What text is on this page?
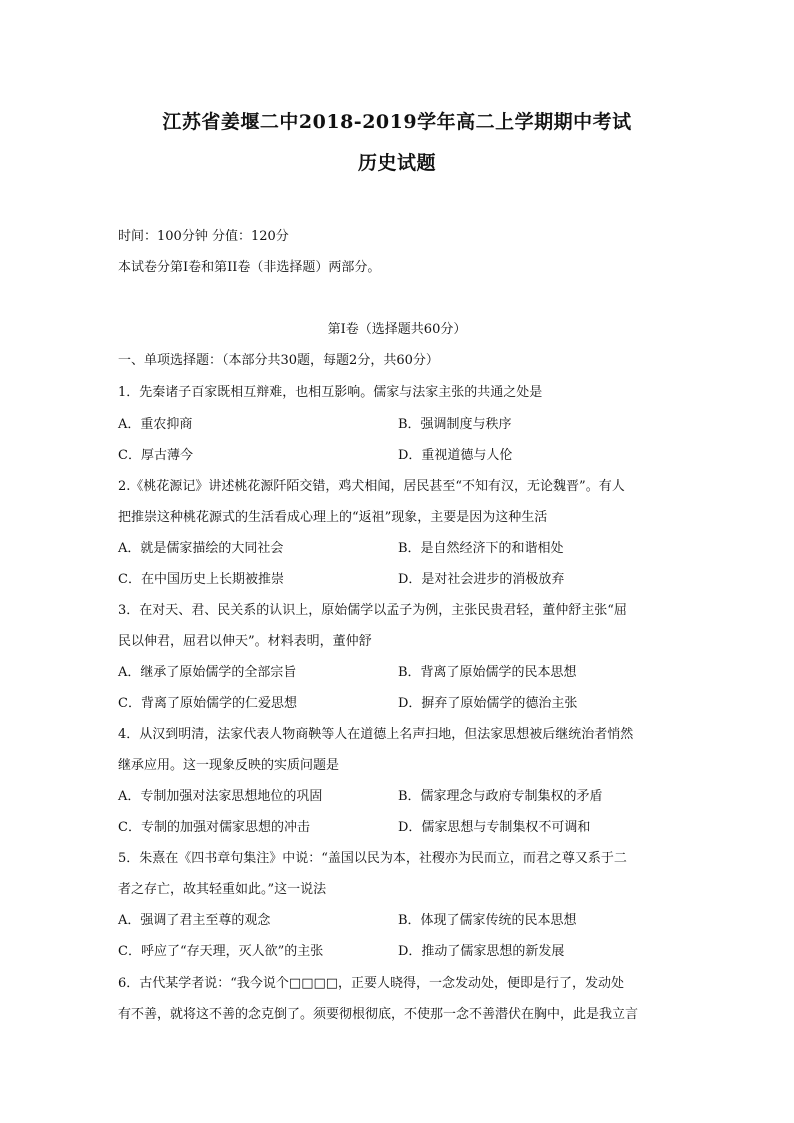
江苏省姜堰二中2018-2019学年高二上学期期中考试
历史试题
时间：100分钟 分值：120分
本试卷分第I卷和第II卷（非选择题）两部分。
第I卷（选择题共60分）
一、单项选择题：（本部分共30题，每题2分，共60分）
1．先秦诸子百家既相互辩难，也相互影响。儒家与法家主张的共通之处是
A．重农抑商	B．强调制度与秩序
C．厚古薄今	D．重视道德与人伦
2.《桃花源记》讲述桃花源阡陌交错，鸡犬相闻，居民甚至“不知有汉，无论魏晋”。有人
把推崇这种桃花源式的生活看成心理上的“返祖”现象，主要是因为这种生活
A．就是儒家描绘的大同社会	B．是自然经济下的和谐相处
C．在中国历史上长期被推崇	D．是对社会进步的消极放弃
3．在对天、君、民关系的认识上，原始儒学以孟子为例，主张民贵君轻，董仲舒主张“屈
民以伸君，屈君以伸天”。材料表明，董仲舒
A．继承了原始儒学的全部宗旨	B．背离了原始儒学的民本思想
C．背离了原始儒学的仁爱思想	D．摒弃了原始儒学的德治主张
4．从汉到明清，法家代表人物商鞅等人在道德上名声扫地，但法家思想被后继统治者悄然
继承应用。这一现象反映的实质问题是
A．专制加强对法家思想地位的巩固	B．儒家理念与政府专制集权的矛盾
C．专制的加强对儒家思想的冲击	D．儒家思想与专制集权不可调和
5．朱熹在《四书章句集注》中说：“盖国以民为本，社稷亦为民而立，而君之尊又系于二
者之存亡，故其轻重如此。”这一说法
A．强调了君主至尊的观念	B．体现了儒家传统的民本思想
C．呼应了“存天理，灭人欲”的主张	D．推动了儒家思想的新发展
6．古代某学者说：“我今说个□□□□，正要人晓得，一念发动处，便即是行了，发动处
有不善，就将这不善的念克倒了。须要彻根彻底，不使那一念不善潜伏在胸中，此是我立言
